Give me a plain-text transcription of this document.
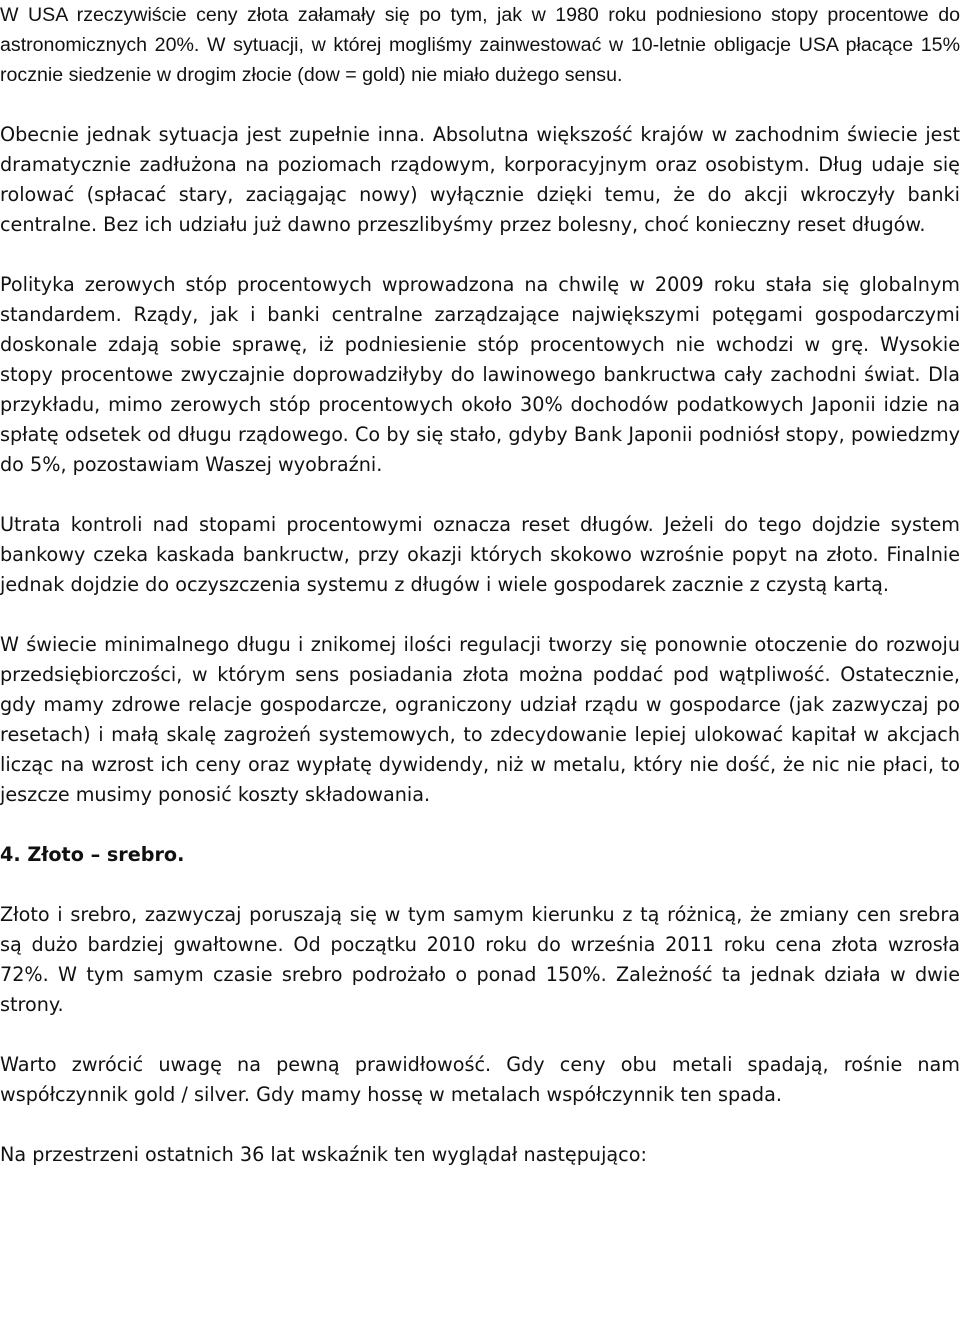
W USA rzeczywiście ceny złota załamały się po tym, jak w 1980 roku podniesiono stopy procentowe do astronomicznych 20%. W sytuacji, w której mogliśmy zainwestować w 10-letnie obligacje USA płacące 15% rocznie siedzenie w drogim złocie (dow = gold) nie miało dużego sensu.

Obecnie jednak sytuacja jest zupełnie inna. Absolutna większość krajów w zachodnim świecie jest dramatycznie zadłużona na poziomach rządowym, korporacyjnym oraz osobistym. Dług udaje się rolować (spłacać stary, zaciągając nowy) wyłącznie dzięki temu, że do akcji wkroczyły banki centralne. Bez ich udziału już dawno przeszlibyśmy przez bolesny, choć konieczny reset długów.

Polityka zerowych stóp procentowych wprowadzona na chwilę w 2009 roku stała się globalnym standardem. Rządy, jak i banki centralne zarządzające największymi potęgami gospodarczymi doskonale zdają sobie sprawę, iż podniesienie stóp procentowych nie wchodzi w grę. Wysokie stopy procentowe zwyczajnie doprowadziłyby do lawinowego bankructwa cały zachodni świat. Dla przykładu, mimo zerowych stóp procentowych około 30% dochodów podatkowych Japonii idzie na spłatę odsetek od długu rządowego. Co by się stało, gdyby Bank Japonii podniósł stopy, powiedzmy do 5%, pozostawiam Waszej wyobraźni.

Utrata kontroli nad stopami procentowymi oznacza reset długów. Jeżeli do tego dojdzie system bankowy czeka kaskada bankructw, przy okazji których skokowo wzrośnie popyt na złoto. Finalnie jednak dojdzie do oczyszczenia systemu z długów i wiele gospodarek zacznie z czystą kartą.

W świecie minimalnego długu i znikomej ilości regulacji tworzy się ponownie otoczenie do rozwoju przedsiębiorczości, w którym sens posiadania złota można poddać pod wątpliwość. Ostatecznie, gdy mamy zdrowe relacje gospodarcze, ograniczony udział rządu w gospodarce (jak zazwyczaj po resetach) i małą skalę zagrożeń systemowych, to zdecydowanie lepiej ulokować kapitał w akcjach licząc na wzrost ich ceny oraz wypłatę dywidendy, niż w metalu, który nie dość, że nic nie płaci, to jeszcze musimy ponosić koszty składowania.

4. Złoto – srebro.

Złoto i srebro, zazwyczaj poruszają się w tym samym kierunku z tą różnicą, że zmiany cen srebra są dużo bardziej gwałtowne. Od początku 2010 roku do września 2011 roku cena złota wzrosła 72%. W tym samym czasie srebro podrożało o ponad 150%. Zależność ta jednak działa w dwie strony.

Warto zwrócić uwagę na pewną prawidłowość. Gdy ceny obu metali spadają, rośnie nam współczynnik gold / silver. Gdy mamy hossę w metalach współczynnik ten spada.

Na przestrzeni ostatnich 36 lat wskaźnik ten wyglądał następująco:
